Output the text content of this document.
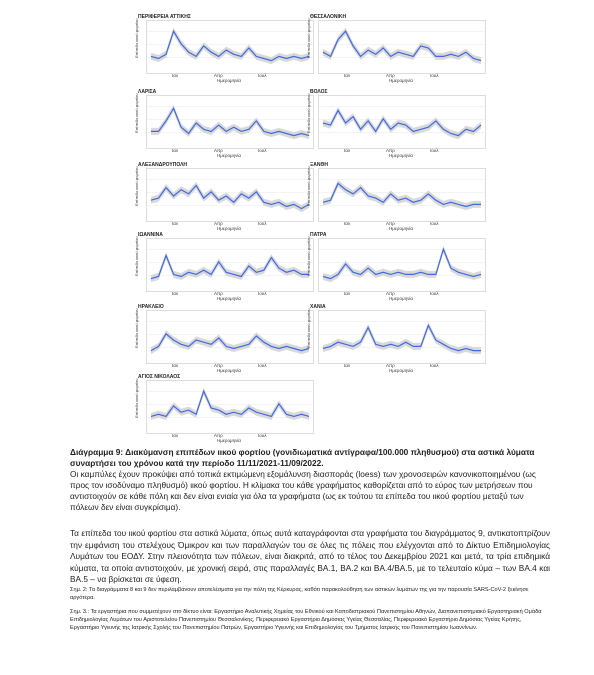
ΠΕΡΙΦΕΡΕΙΑ ΑΤΤΙΚΗΣ
Επίπεδο ιικού φορτίου
Ιαν	Απρ	Ιουλ
Ημερομηνία
ΘΕΣΣΑΛΟΝΙΚΗ
Επίπεδο ιικού φορτίου
Ιαν	Απρ	Ιουλ
Ημερομηνία
ΛΑΡΙΣΑ
Επίπεδο ιικού φορτίου
Ιαν	Απρ	Ιουλ
Ημερομηνία
ΒΟΛΟΣ
Επίπεδο ιικού φορτίου
Ιαν	Απρ	Ιουλ
Ημερομηνία
ΑΛΕΞΑΝΔΡΟΥΠΟΛΗ
Επίπεδο ιικού φορτίου
Ιαν	Απρ	Ιουλ
Ημερομηνία
ΞΑΝΘΗ
Επίπεδο ιικού φορτίου
Ιαν	Απρ	Ιουλ
Ημερομηνία
ΙΩΑΝΝΙΝΑ
Επίπεδο ιικού φορτίου
Ιαν	Απρ	Ιουλ
Ημερομηνία
ΠΑΤΡΑ
Επίπεδο ιικού φορτίου
Ιαν	Απρ	Ιουλ
Ημερομηνία
ΗΡΑΚΛΕΙΟ
Επίπεδο ιικού φορτίου
Ιαν	Απρ	Ιουλ
Ημερομηνία
ΧΑΝΙΑ
Επίπεδο ιικού φορτίου
Ιαν	Απρ	Ιουλ
Ημερομηνία
ΑΓΙΟΣ ΝΙΚΟΛΑΟΣ
Επίπεδο ιικού φορτίου
Ιαν	Απρ	Ιουλ
Ημερομηνία
Διάγραμμα 9: Διακύμανση επιπέδων ιικού φορτίου (γονιδιωματικά αντίγραφα/100.000 πληθυσμού) στα αστικά λύματα συναρτήσει του χρόνου κατά την περίοδο 11/11/2021-11/09/2022.
Οι καμπύλες έχουν προκύψει από τοπικά εκτιμώμενη εξομάλυνση διασποράς (loess) των χρονοσειρών κανονικοποιημένου (ως προς τον ισοδύναμο πληθυσμό) ιικού φορτίου. Η κλίμακα του κάθε γραφήματος καθορίζεται από το εύρος των μετρήσεων που αντιστοιχούν σε κάθε πόλη και δεν είναι ενιαία για όλα τα γραφήματα (ως εκ τούτου τα επίπεδα του ιικού φορτίου μεταξύ των πόλεων δεν είναι συγκρίσιμα).
Τα επίπεδα του ιικού φορτίου στα αστικά λύματα, όπως αυτά καταγράφονται στα γραφήματα του διαγράμματος 9, αντικατοπτρίζουν την εμφάνιση του στελέχους Όμικρον και των παραλλαγών του σε όλες τις πόλεις που ελέγχονται από το Δίκτυο Επιδημιολογίας Λυμάτων του ΕΟΔΥ. Στην πλειονότητα των πόλεων, είναι διακριτά, από το τέλος του Δεκεμβρίου 2021 και μετά, τα τρία επιδημικά κύματα, τα οποία αντιστοιχούν, με χρονική σειρά, στις παραλλαγές BA.1, BA.2 και BA.4/BA.5, με το τελευταίο κύμα – των BA.4 και BA.5 – να βρίσκεται σε ύφεση.
Σημ. 2: Τα διαγράμματα 8 και 9 δεν περιλαμβάνουν αποτελέσματα για την πόλη της Κέρκυρας, καθότι παρακολούθηση των αστικών λυμάτων της για την παρουσία SARS-CoV-2 ξεκίνησε αργότερα.
Σημ. 3.: Τα εργαστήρια που συμμετέχουν στο δίκτυο είναι: Εργαστήριο Αναλυτικής Χημείας του Εθνικού και Καποδιστριακού Πανεπιστημίου Αθηνών, Διαπανεπιστημιακό Εργαστηριακή Ομάδα Επιδημιολογίας Λυμάτων του Αριστοτελείου Πανεπιστημίου Θεσσαλονίκης, Περιφερειακό Εργαστήριο Δημόσιας Υγείας Θεσσαλίας, Περιφερειακό Εργαστήριο Δημόσιας Υγείας Κρήτης, Εργαστήριο Υγιεινής της Ιατρικής Σχολής του Πανεπιστημίου Πατρών, Εργαστήριο Υγιεινής και Επιδημιολογίας του Τμήματος Ιατρικής του Πανεπιστημίου Ιωαννίνων.
